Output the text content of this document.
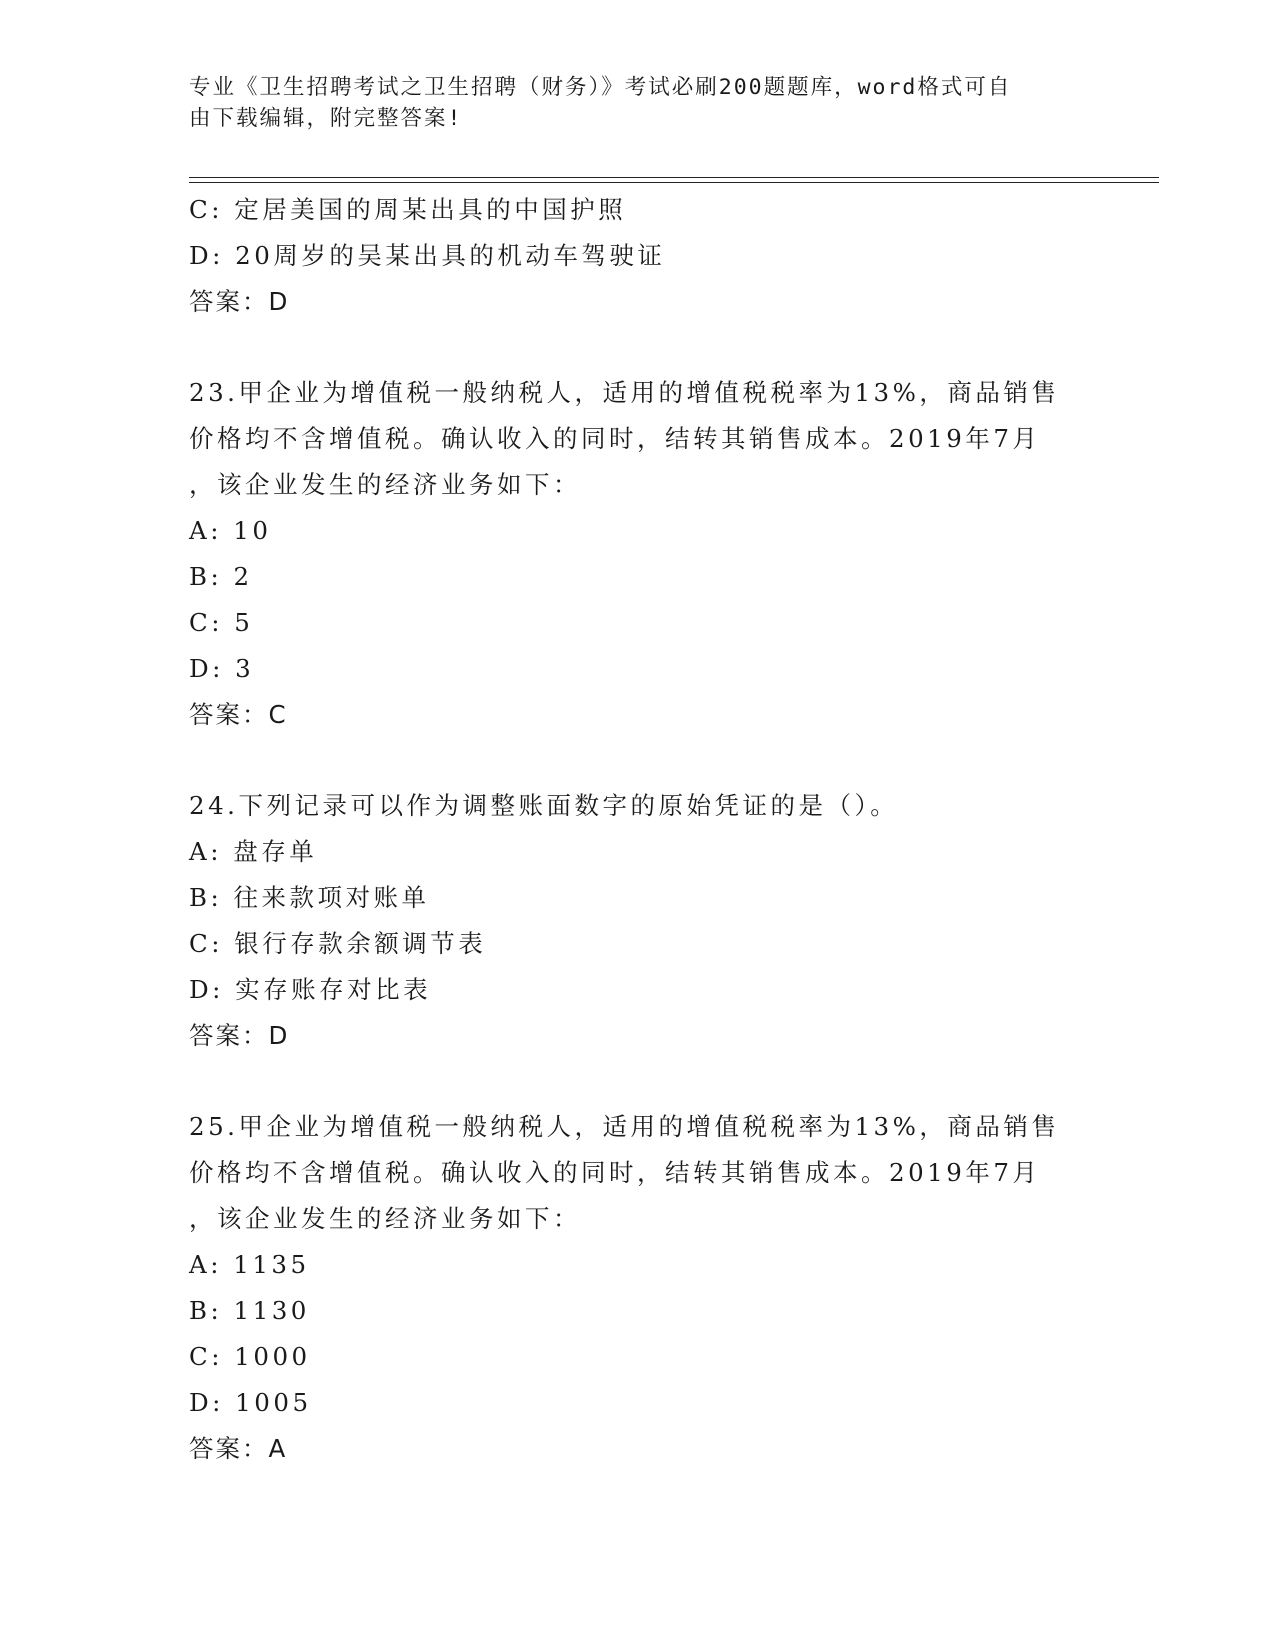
专业《卫生招聘考试之卫生招聘（财务）》考试必刷200题题库，word格式可自
由下载编辑，附完整答案!
C: 定居美国的周某出具的中国护照
D: 20周岁的吴某出具的机动车驾驶证
答案：D
23.甲企业为增值税一般纳税人，适用的增值税税率为13%，商品销售
价格均不含增值税。确认收入的同时，结转其销售成本。2019年7月
，该企业发生的经济业务如下：
A: 10
B: 2
C: 5
D: 3
答案：C
24.下列记录可以作为调整账面数字的原始凭证的是（）。
A: 盘存单
B: 往来款项对账单
C: 银行存款余额调节表
D: 实存账存对比表
答案：D
25.甲企业为增值税一般纳税人，适用的增值税税率为13%，商品销售
价格均不含增值税。确认收入的同时，结转其销售成本。2019年7月
，该企业发生的经济业务如下：
A: 1135
B: 1130
C: 1000
D: 1005
答案：A
